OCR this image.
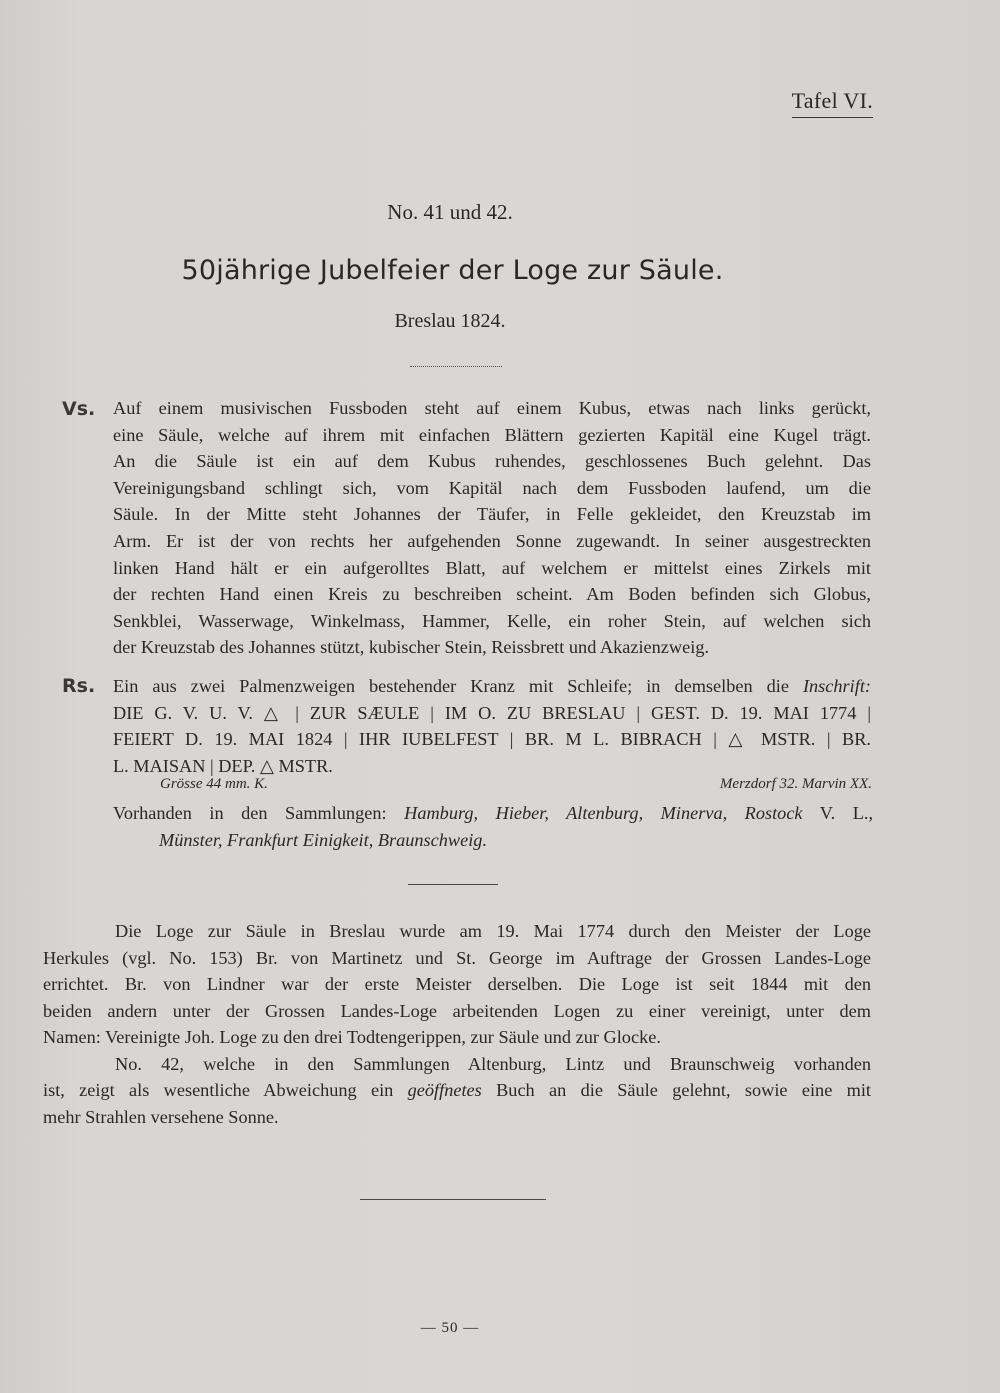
Tafel VI.
No. 41 und 42.
50jährige Jubelfeier der Loge zur Säule.
Breslau 1824.
Vs. Auf einem musivischen Fussboden steht auf einem Kubus, etwas nach links gerückt,
eine Säule, welche auf ihrem mit einfachen Blättern gezierten Kapitäl eine Kugel trägt.
An die Säule ist ein auf dem Kubus ruhendes, geschlossenes Buch gelehnt. Das
Vereinigungsband schlingt sich, vom Kapitäl nach dem Fussboden laufend, um die
Säule. In der Mitte steht Johannes der Täufer, in Felle gekleidet, den Kreuzstab im
Arm. Er ist der von rechts her aufgehenden Sonne zugewandt. In seiner ausgestreckten
linken Hand hält er ein aufgerolltes Blatt, auf welchem er mittelst eines Zirkels mit
der rechten Hand einen Kreis zu beschreiben scheint. Am Boden befinden sich Globus,
Senkblei, Wasserwage, Winkelmass, Hammer, Kelle, ein roher Stein, auf welchen sich
der Kreuzstab des Johannes stützt, kubischer Stein, Reissbrett und Akazienzweig.
Rs. Ein aus zwei Palmenzweigen bestehender Kranz mit Schleife; in demselben die Inschrift:
DIE G. V. U. V. △ | ZUR SÆULE | IM O. ZU BRESLAU | GEST. D. 19. MAI 1774 |
FEIERT D. 19. MAI 1824 | IHR IUBELFEST | BR. M L. BIBRACH | △ MSTR. | BR.
L. MAISAN | DEP. △ MSTR.
Grösse 44 mm. K.	Merzdorf 32. Marvin XX.
Vorhanden in den Sammlungen: Hamburg, Hieber, Altenburg, Minerva, Rostock V. L.,
Münster, Frankfurt Einigkeit, Braunschweig.
Die Loge zur Säule in Breslau wurde am 19. Mai 1774 durch den Meister der Loge
Herkules (vgl. No. 153) Br. von Martinetz und St. George im Auftrage der Grossen Landes-Loge
errichtet. Br. von Lindner war der erste Meister derselben. Die Loge ist seit 1844 mit den
beiden andern unter der Grossen Landes-Loge arbeitenden Logen zu einer vereinigt, unter dem
Namen: Vereinigte Joh. Loge zu den drei Todtengerippen, zur Säule und zur Glocke.
No. 42, welche in den Sammlungen Altenburg, Lintz und Braunschweig vorhanden
ist, zeigt als wesentliche Abweichung ein geöffnetes Buch an die Säule gelehnt, sowie eine mit
mehr Strahlen versehene Sonne.
— 50 —
